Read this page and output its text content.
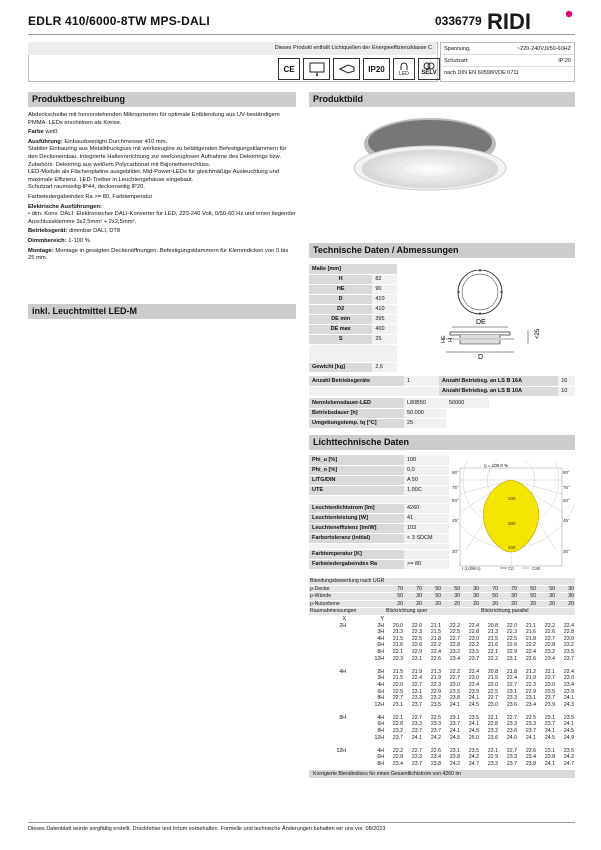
EDLR 410/6000-8TW MPS-DALI	0336779 RIDI
Dieses Produkt enthält Lichtquellen der Energieeffizienzklasse C
CE	IP20	LED SELV
Spannung,	~220-240V,0/50-60HZ
Schutzart:	IP 20
nach DIN EN 60598/VDE 0711
Produktbeschreibung	Produktbild

Abdeckscheibe mit hervorstehenden Mikroprismen für optimale Entblendung aus UV-beständigem PMMA. LEDs erscheinen als Kreise.

Farbe weiß

Ausführung: Einbaudownlight Durchmesser 410 mm.
Stabiler Einbauring aus Metalldruckguss mit werkzeuglos zu betätigenden Befestigungsklammern für den Deckeneinbau. Integrierte Haltevorrichtung zur werkzeuglosen Aufnahme des Dekorrings bzw. Zubehörs. Dekorring aus weißem Polycarbonat mit Bajonettverschluss.
LED-Module als Flächenplatine ausgebildet. Mid-Power-LEDs für gleichmäßige Ausleuchtung und maximale Effizienz. LED-Treiber in Leuchtengehäuse eingebaut.
Schutzart raumseitig IP44, deckenseitig IP20.

Farbwiedergabeindex Ra >= 80, Farbtemperatur

Elektrische Ausführungen:
• dim. Konv. DALI: Elektronischer DALI-Konverter für LED, 220-240 Volt, 0/50-60 Hz und innen liegender Anschlussklemme 3x2,5mm² + 2x2,5mm².

Betriebsgerät: dimmbar DALI, DT8

Dimmbereich: 1-100 %

Montage: Montage in gesägten Deckenöffnungen. Befestigungsklammern für Klemmdicken von 0 bis 25 mm.

inkl. Leuchtmittel LED-M
Technische Daten / Abmessungen
Maße [mm]	
H	82
HE	90
D	410
D2	410
DE min	395
DE max	400
S	25

Gewicht [kg]	2,6
DE
D
<25
HE H
Anzahl Betriebsgeräte	1	Anzahl Betriebsg. an LS B 16A	16
		Anzahl Betriebsg. an LS B 10A	10
Nennlebensdauer-LED	L80B50	50000
Betriebsdauer [h]	50.000	
Umgebungstemp. tq [°C]	25	
Lichttechnische Daten
Phi_u [%]	100
Phi_o [%]	0.0
LITG/DIN	A 50
UTE	1.00C

Leuchtenlichtstrom [lm]	4260
Leuchtenleistung [W]	41
Leuchteneffizienz [lm/W]	103
Farbortoleranz (initial)	< 3 SDCM

Farbtemperatur [K]	
Farbwiedergabeindex Ra	>= 80
η = 100.0 %
90°	90°
75°	75°
60°	60°
45°	45°
30°	30°
100
300
400
I (cd/klm)	C0	C90
Blendungsbewertung nach UGR											
ρ-Decke		70	70	50	50	30	70	70	50	50	30
ρ-Wände		50	30	50	30	30	50	30	50	30	30
ρ-Nutzebene		20	20	20	20	20	20	20	20	20	20
Raumabmessungen		Blickrichtung quer					Blickrichtung parallel				
X	Y										
2H	2H	20.0	22.0	21.1	22.2	22.4	20.8	22.0	21.1	22.2	22.4
	3H	21.3	22.3	21.5	22.5	22.8	21.3	22.3	21.6	22.6	22.8
	4H	21.5	22.5	21.8	22.7	23.0	21.5	22.5	21.8	22.7	23.0
	6H	21.6	22.6	22.2	22.8	23.2	21.6	22.6	22.2	22.8	23.2
	8H	22.1	22.9	22.4	23.2	23.5	22.1	22.9	22.4	23.2	23.5
	12H	22.3	23.1	22.6	23.4	23.7	22.2	23.1	22.6	23.4	23.7

4H	2H	21.5	21.9	21.3	22.2	22.4	20.8	21.8	21.2	22.1	22.4
	3H	21.5	22.4	21.9	22.7	23.0	21.5	22.4	21.9	22.7	23.0
	4H	22.0	22.7	22.3	23.0	23.4	22.0	22.7	22.3	23.0	23.4
	6H	22.5	23.1	22.9	23.5	23.9	22.5	23.1	22.9	23.5	23.9
	8H	22.7	23.3	23.2	23.8	24.1	22.7	23.3	23.1	23.7	24.1
	12H	23.1	23.7	23.5	24.1	24.5	23.0	23.6	23.4	23.9	24.3

8H	4H	22.1	22.7	22.5	23.1	23.5	22.1	22.7	22.5	23.1	23.5
	6H	22.8	23.3	23.3	23.7	24.1	22.8	23.3	23.3	23.7	24.1
	8H	23.2	23.7	23.7	24.1	24.5	23.2	23.6	23.7	24.1	24.5
	12H	23.7	24.1	24.2	24.5	25.0	23.6	24.0	24.1	24.5	24.9

12H	4H	22.2	22.7	22.6	23.1	23.5	22.1	22.7	22.6	23.1	23.5
	6H	22.9	23.3	23.4	23.8	24.2	22.9	23.3	23.4	23.8	24.2
	8H	23.4	23.7	23.8	24.2	24.7	23.3	23.7	23.8	24.1	24.7
Korrigierte Blendindizes für einen Gesamtlichtstrom von 4260 lm
Dieses Datenblatt wurde sorgfältig erstellt. Druckfehler und Irrtum vorbehalten. Formelle und technische Änderungen behalten wir uns vor. 08/2023
